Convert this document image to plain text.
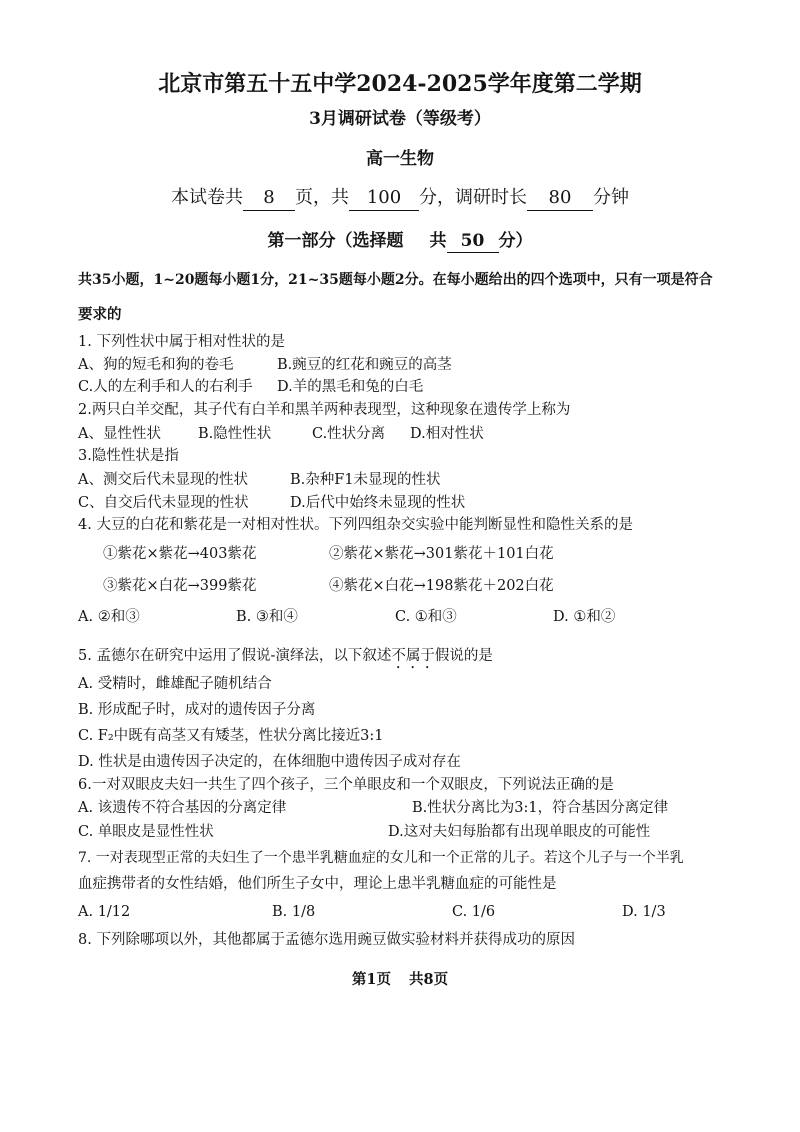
北京市第五十五中学2024-2025学年度第二学期
3月调研试卷（等级考）
高一生物
本试卷共 8 页，共 100 分，调研时长 80 分钟
第一部分（选择题 共 50 分）
共35小题，1~20题每小题1分，21~35题每小题2分。在每小题给出的四个选项中，只有一项是符合
要求的
1. 下列性状中属于相对性状的是
A、狗的短毛和狗的卷毛	B.豌豆的红花和豌豆的高茎
C.人的左利手和人的右利手 D.羊的黑毛和兔的白毛
2.两只白羊交配，其子代有白羊和黑羊两种表现型，这种现象在遗传学上称为
A、显性性状	B.隐性性状	C.性状分离 D.相对性状
3.隐性性状是指
A、测交后代未显现的性状	B.杂种F1未显现的性状
C、自交后代未显现的性状	D.后代中始终未显现的性状
4. 大豆的白花和紫花是一对相对性状。下列四组杂交实验中能判断显性和隐性关系的是
①紫花×紫花→403紫花	②紫花×紫花→301紫花＋101白花
③紫花×白花→399紫花	④紫花×白花→198紫花＋202白花
A. ②和③	B. ③和④	C. ①和③	D. ①和②
5. 孟德尔在研究中运用了假说-演绎法，以下叙述不属于假说的是
A. 受精时，雌雄配子随机结合
B. 形成配子时，成对的遗传因子分离
C. F₂中既有高茎又有矮茎，性状分离比接近3:1
D. 性状是由遗传因子决定的，在体细胞中遗传因子成对存在
6.一对双眼皮夫妇一共生了四个孩子，三个单眼皮和一个双眼皮，下列说法正确的是
A. 该遗传不符合基因的分离定律	B.性状分离比为3:1，符合基因分离定律
C. 单眼皮是显性性状	D.这对夫妇每胎都有出现单眼皮的可能性
7. 一对表现型正常的夫妇生了一个患半乳糖血症的女儿和一个正常的儿子。若这个儿子与一个半乳
血症携带者的女性结婚，他们所生子女中，理论上患半乳糖血症的可能性是
A. 1/12	B. 1/8	C. 1/6	D. 1/3
8. 下列除哪项以外，其他都属于孟德尔选用豌豆做实验材料并获得成功的原因
第1页 共8页
